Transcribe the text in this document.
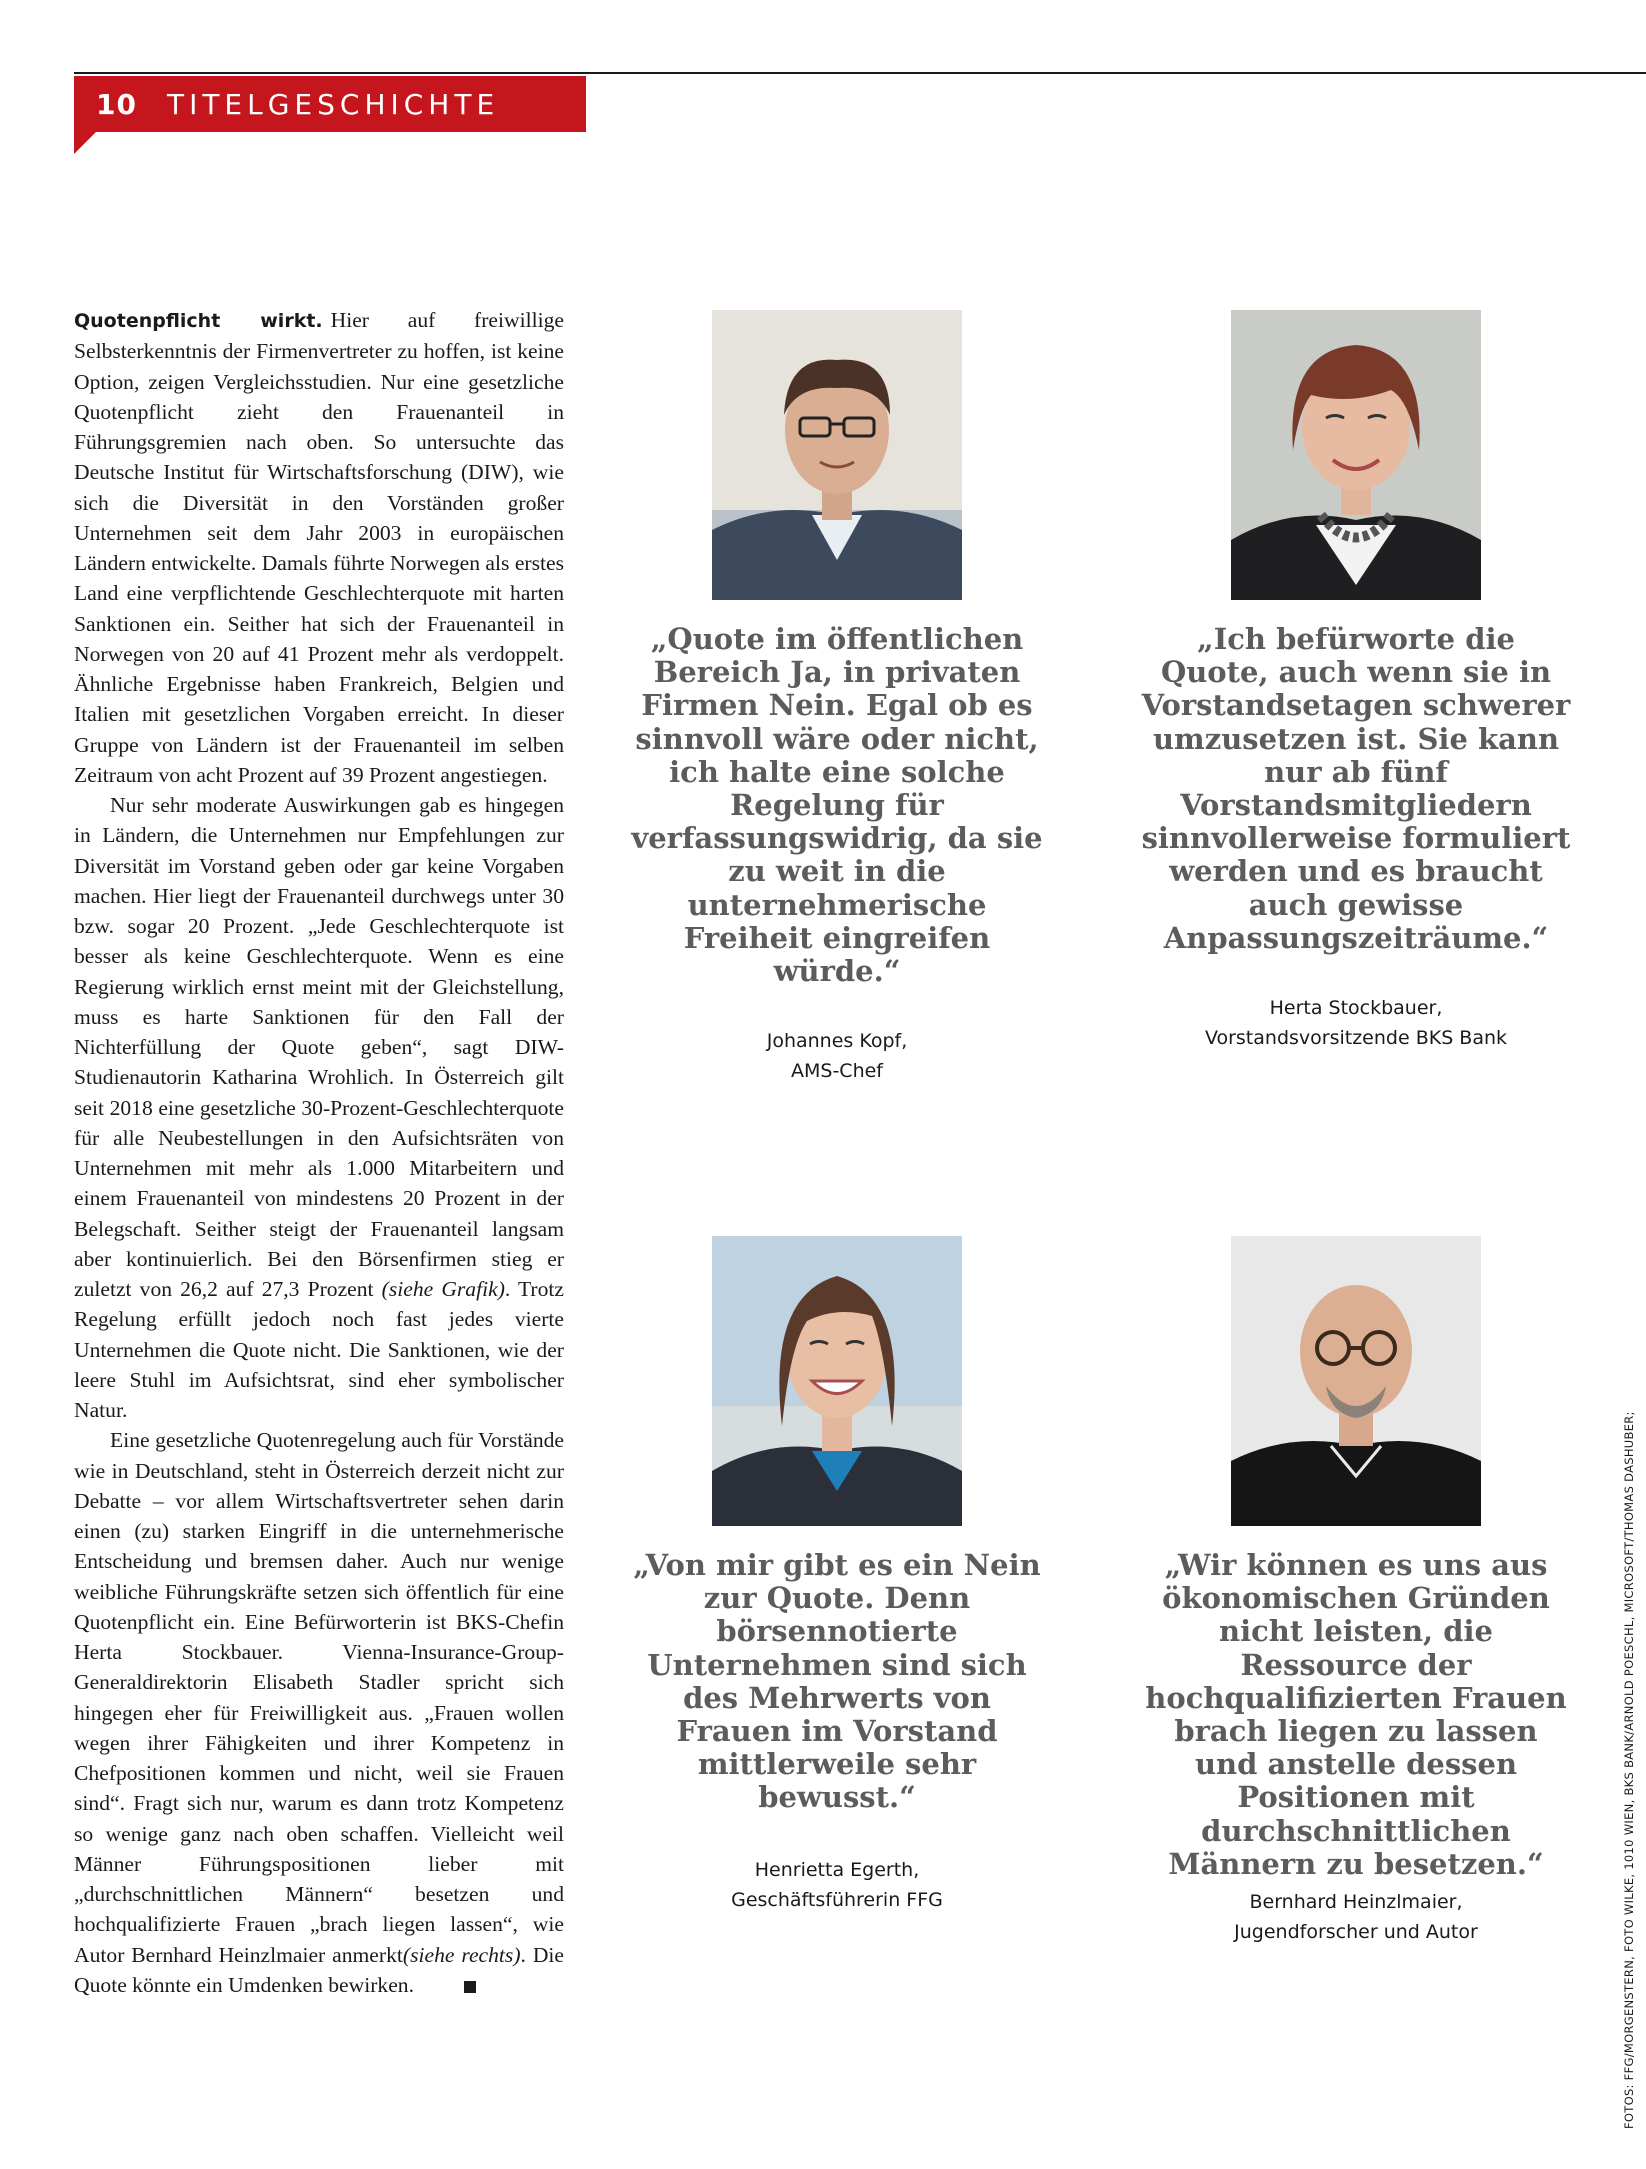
10 TITELGESCHICHTE

Quotenpflicht wirkt. Hier auf freiwillige Selbsterkenntnis der Firmenvertreter zu hoffen, ist keine Option, zeigen Vergleichsstudien. Nur eine gesetzliche Quotenpflicht zieht den Frauenanteil in Führungsgremien nach oben. So untersuchte das Deutsche Institut für Wirtschaftsforschung (DIW), wie sich die Diversität in den Vorständen großer Unternehmen seit dem Jahr 2003 in europäischen Ländern entwickelte. Damals führte Norwegen als erstes Land eine verpflichtende Geschlechterquote mit harten Sanktionen ein. Seither hat sich der Frauenanteil in Norwegen von 20 auf 41 Prozent mehr als verdoppelt. Ähnliche Ergebnisse haben Frankreich, Belgien und Italien mit gesetzlichen Vorgaben erreicht. In dieser Gruppe von Ländern ist der Frauenanteil im selben Zeitraum von acht Prozent auf 39 Prozent angestiegen.

Nur sehr moderate Auswirkungen gab es hingegen in Ländern, die Unternehmen nur Empfehlungen zur Diversität im Vorstand geben oder gar keine Vorgaben machen. Hier liegt der Frauenanteil durchwegs unter 30 bzw. sogar 20 Prozent. „Jede Geschlechterquote ist besser als keine Geschlechterquote. Wenn es eine Regierung wirklich ernst meint mit der Gleichstellung, muss es harte Sanktionen für den Fall der Nichterfüllung der Quote geben“, sagt DIW-Studienautorin Katharina Wrohlich. In Österreich gilt seit 2018 eine gesetzliche 30-Prozent-Geschlechterquote für alle Neubestellungen in den Aufsichtsräten von Unternehmen mit mehr als 1.000 Mitarbeitern und einem Frauenanteil von mindestens 20 Prozent in der Belegschaft. Seither steigt der Frauenanteil langsam aber kontinuierlich. Bei den Börsenfirmen stieg er zuletzt von 26,2 auf 27,3 Prozent (siehe Grafik). Trotz Regelung erfüllt jedoch noch fast jedes vierte Unternehmen die Quote nicht. Die Sanktionen, wie der leere Stuhl im Aufsichtsrat, sind eher symbolischer Natur.

Eine gesetzliche Quotenregelung auch für Vorstände wie in Deutschland, steht in Österreich derzeit nicht zur Debatte – vor allem Wirtschaftsvertreter sehen darin einen (zu) starken Eingriff in die unternehmerische Entscheidung und bremsen daher. Auch nur wenige weibliche Führungskräfte setzen sich öffentlich für eine Quotenpflicht ein. Eine Befürworterin ist BKS-Chefin Herta Stockbauer. Vienna-Insurance-Group-Generaldirektorin Elisabeth Stadler spricht sich hingegen eher für Freiwilligkeit aus. „Frauen wollen wegen ihrer Fähigkeiten und ihrer Kompetenz in Chefpositionen kommen und nicht, weil sie Frauen sind“. Fragt sich nur, warum es dann trotz Kompetenz so wenige ganz nach oben schaffen. Vielleicht weil Männer Führungspositionen lieber mit „durchschnittlichen Männern“ besetzen und hochqualifizierte Frauen „brach liegen lassen“, wie Autor Bernhard Heinzlmaier anmerkt(siehe rechts). Die Quote könnte ein Umdenken bewirken.

„Quote im öffentlichen Bereich Ja, in privaten Firmen Nein. Egal ob es sinnvoll wäre oder nicht, ich halte eine solche Regelung für verfassungswidrig, da sie zu weit in die unternehmerische Freiheit eingreifen würde.“
Johannes Kopf,
AMS-Chef
„Ich befürworte die Quote, auch wenn sie in Vorstandsetagen schwerer umzusetzen ist. Sie kann nur ab fünf Vorstandsmitgliedern sinnvollerweise formuliert werden und es braucht auch gewisse Anpassungszeiträume.“
Herta Stockbauer,
Vorstandsvorsitzende BKS Bank
„Von mir gibt es ein Nein zur Quote. Denn börsennotierte Unternehmen sind sich des Mehrwerts von Frauen im Vorstand mittlerweile sehr bewusst.“
Henrietta Egerth,
Geschäftsführerin FFG
„Wir können es uns aus ökonomischen Gründen nicht leisten, die Ressource der hochqualifizierten Frauen brach liegen zu lassen und anstelle dessen Positionen mit durchschnittlichen Männern zu besetzen.“
Bernhard Heinzlmaier,
Jugendforscher und Autor	FOTOS: FFG/MORGENSTERN, FOTO WILKE, 1010 WIEN, BKS BANK/ARNOLD POESCHL, MICROSOFT/THOMAS DASHUBER;
